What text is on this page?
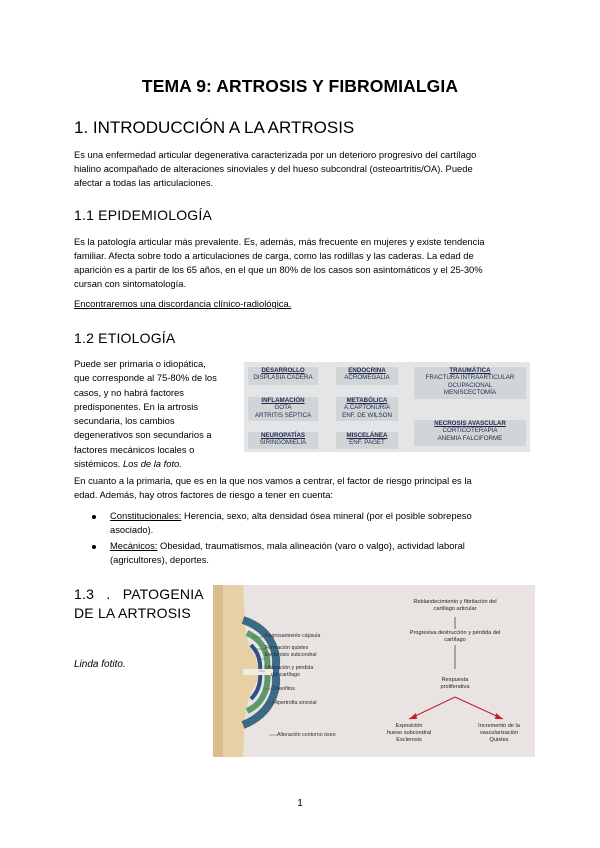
TEMA 9: ARTROSIS Y FIBROMIALGIA
1. INTRODUCCIÓN A LA ARTROSIS
Es una enfermedad articular degenerativa caracterizada por un deterioro progresivo del cartílago
hialino acompañado de alteraciones sinoviales y del hueso subcondral (osteoartritis/OA). Puede
afectar a todas las articulaciones.
1.1 EPIDEMIOLOGÍA
Es la patología articular más prevalente. Es, además, más frecuente en mujeres y existe tendencia
familiar. Afecta sobre todo a articulaciones de carga, como las rodillas y las caderas. La edad de
aparición es a partir de los 65 años, en el que un 80% de los casos son asintomáticos y el 25-30%
cursan con sintomatología.
Encontraremos una discordancia clínico-radiológica.
1.2 ETIOLOGÍA
Puede ser primaria o idiopática,
que corresponde al 75-80% de los
casos, y no habrá factores
predisponentes. En la artrosis
secundaria, los cambios
degenerativos son secundarios a
factores mecánicos locales o
sistémicos. Los de la foto.
DESARROLLO
DISPLASIA CADERA
INFLAMACIÓN
GOTA
ARTRITIS SÉPTICA
NEUROPATÍAS
SIRINGOMIELIA
ENDOCRINA
ACROMEGALIA
METABÓLICA
A.CAPTONURIA
ENF. DE WILSON
MISCELÁNEA
ENF. PAGET
TRAUMÁTICA
FRACTURA INTRAARTICULAR
OCUPACIONAL
MENISCECTOMÍA
NECROSIS AVASCULAR
CORTICOTERAPIA
ANEMIA FALCIFORME
En cuanto a la primaria, que es en la que nos vamos a centrar, el factor de riesgo principal es la
edad. Además, hay otros factores de riesgo a tener en cuenta:
Constitucionales: Herencia, sexo, alta densidad ósea mineral (por el posible sobrepeso
asociado).
Mecánicos: Obesidad, traumatismos, mala alineación (varo o valgo), actividad laboral
(agricultores), deportes.
1.3   .   PATOGENIA
DE LA ARTROSIS
Linda fotito.
Engrosamiento cápsula
Formación quistes
Esclerosis subcondral
Ulceración y pérdida
del cartílago
Osteofitos
Hipertrofia sinovial
Alteración contorno óseo
Reblandecimiento y fibrilación del
cartílago articular
Progresiva destrucción y pérdida del
cartílago
Respuesta
proliferativa
Exposición
hueso subcondral
Esclerosis
Incremento de la
vascularización
Quistes
1
